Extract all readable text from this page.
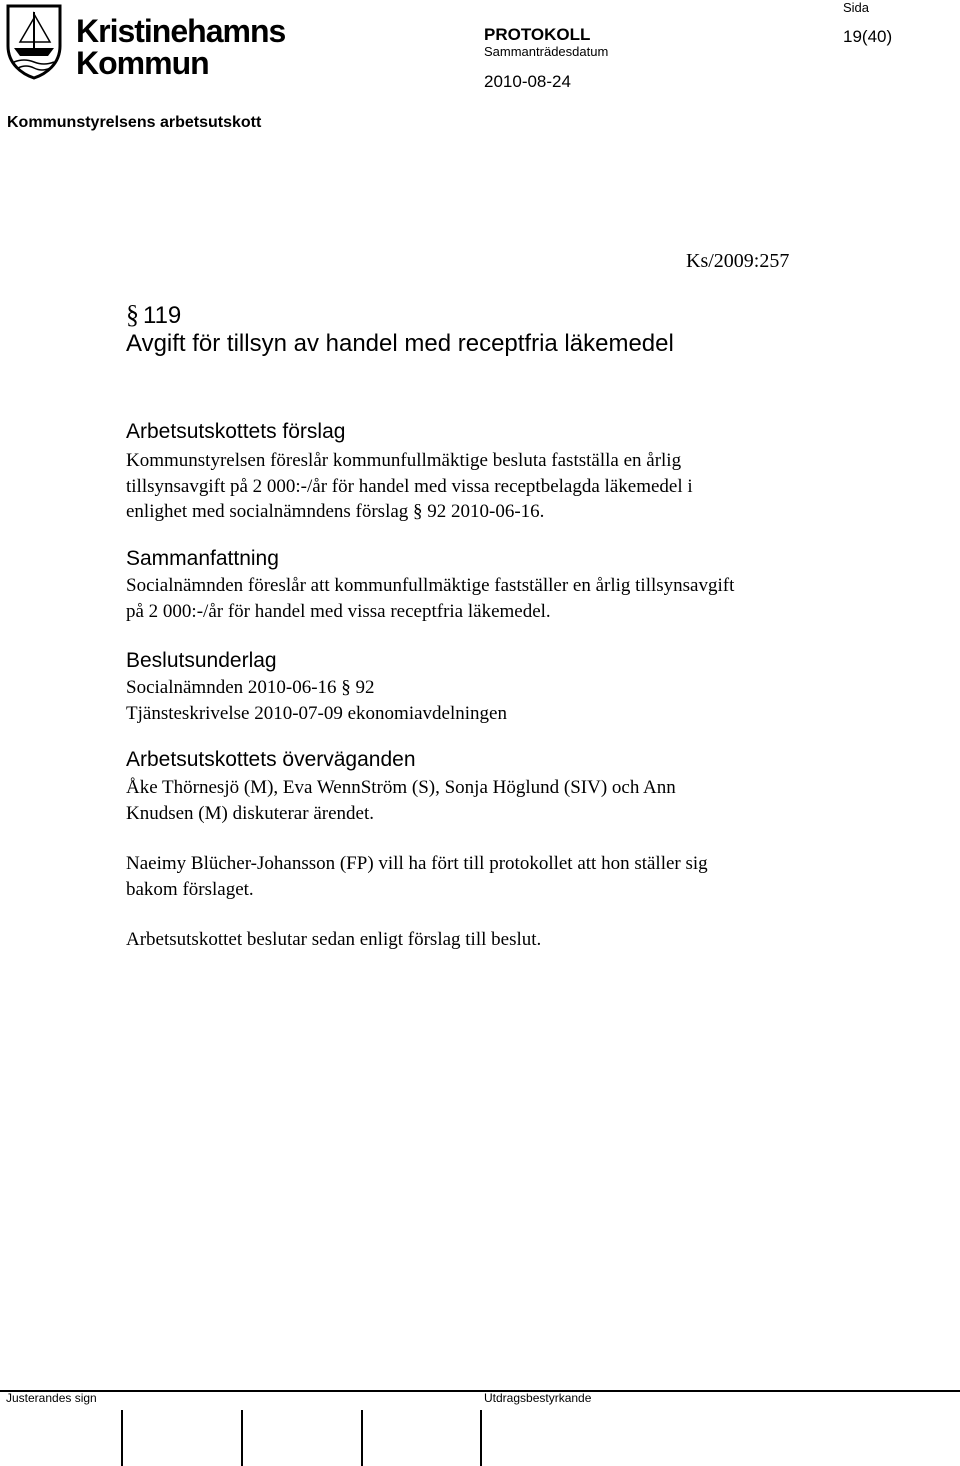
Kristinehamns
Kommun
Sida
19(40)
PROTOKOLL
Sammanträdesdatum
2010-08-24
Kommunstyrelsens arbetsutskott
Ks/2009:257
§ 119
Avgift för tillsyn av handel med receptfria läkemedel
Arbetsutskottets förslag
Kommunstyrelsen föreslår kommunfullmäktige besluta fastställa en årlig
tillsynsavgift på 2 000:-/år för handel med vissa receptbelagda läkemedel i
enlighet med socialnämndens förslag § 92 2010-06-16.
Sammanfattning
Socialnämnden föreslår att kommunfullmäktige fastställer en årlig tillsynsavgift
på 2 000:-/år för handel med vissa receptfria läkemedel.
Beslutsunderlag
Socialnämnden 2010-06-16 § 92
Tjänsteskrivelse 2010-07-09 ekonomiavdelningen
Arbetsutskottets överväganden
Åke Thörnesjö (M), Eva WennStröm (S), Sonja Höglund (SIV) och Ann
Knudsen (M) diskuterar ärendet.
Naeimy Blücher-Johansson (FP) vill ha fört till protokollet att hon ställer sig
bakom förslaget.
Arbetsutskottet beslutar sedan enligt förslag till beslut.
Justerandes sign	Utdragsbestyrkande
